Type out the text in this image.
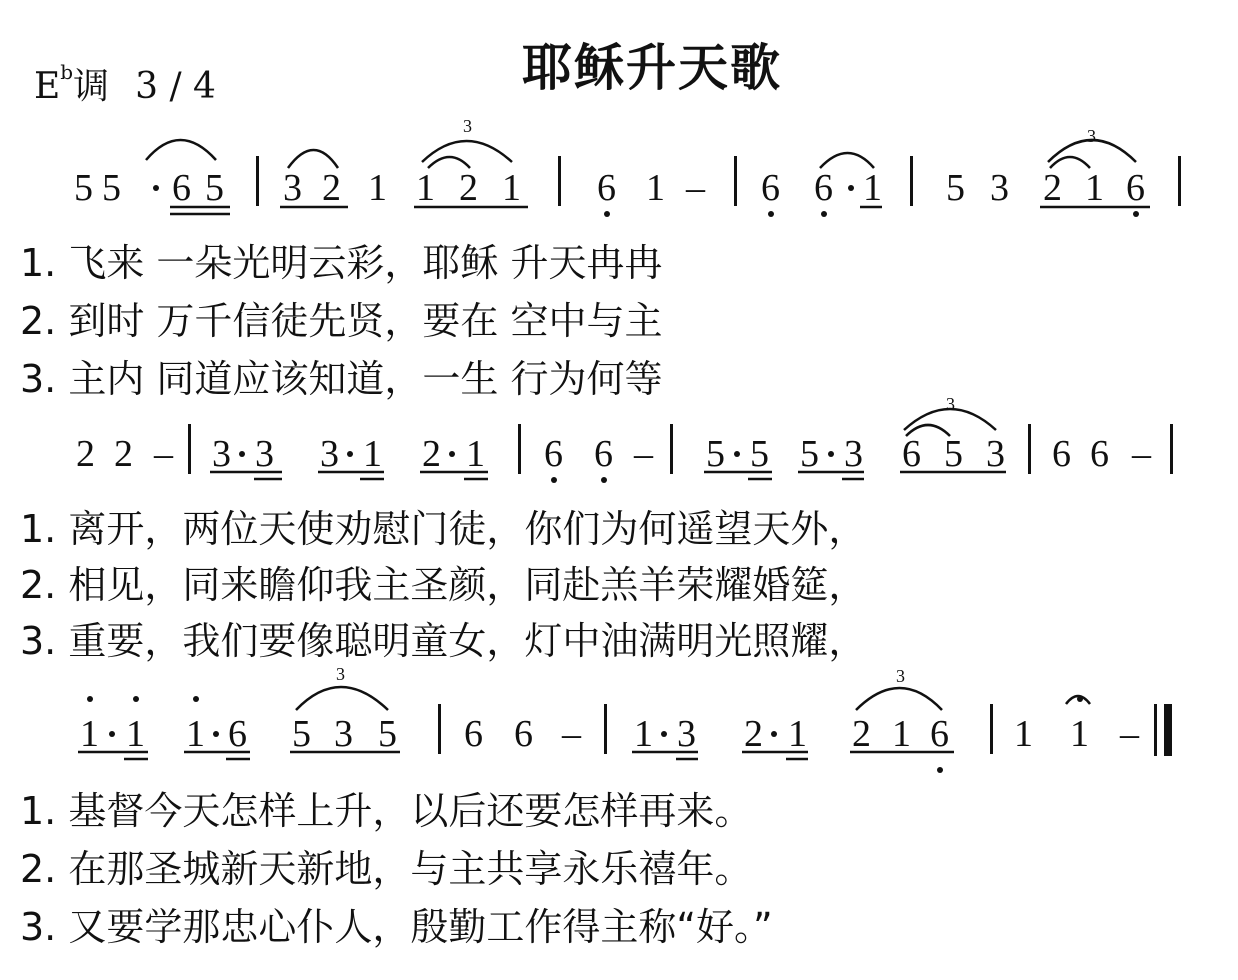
耶稣升天歌
$E^b$调 3 / 4
5 5 6 5 3 2 1 1 2 1 6 1 – 6 6 1 5 3 2 1 6
2 2 – 3 3 3 1 2 1 6 6 – 5 5 5 3 6 5 3 6 6 –
1 1 1 6 5 3 5 6 6 – 1 3 2 1 2 1 6 1 1 –
3	3
3
3	3
1. 飞来 一朵光明云彩，耶稣 升天冉冉
2. 到时 万千信徒先贤，要在 空中与主
3. 主内 同道应该知道，一生 行为何等
1. 离开，两位天使劝慰门徒，你们为何遥望天外，
2. 相见，同来瞻仰我主圣颜，同赴羔羊荣耀婚筵，
3. 重要，我们要像聪明童女，灯中油满明光照耀，
1. 基督今天怎样上升，以后还要怎样再来。
2. 在那圣城新天新地，与主共享永乐禧年。
3. 又要学那忠心仆人，殷勤工作得主称“好。”
